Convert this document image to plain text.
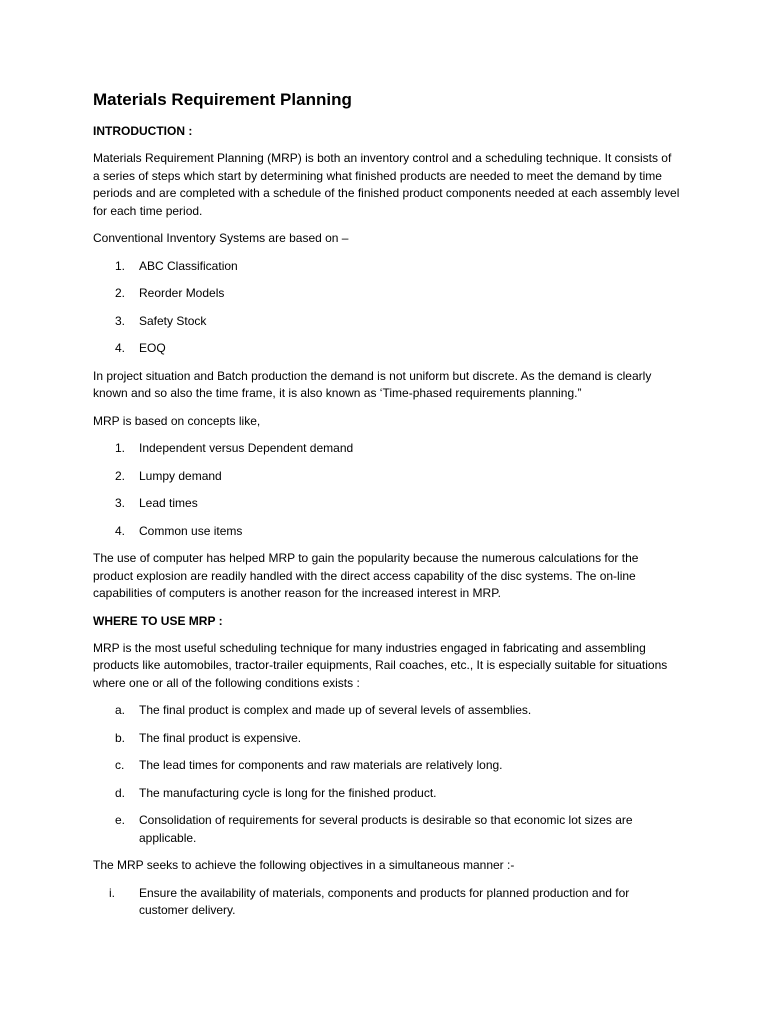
Materials Requirement Planning
INTRODUCTION :

Materials Requirement Planning (MRP) is both an inventory control and a scheduling technique. It consists of a series of steps which start by determining what finished products are needed to meet the demand by time periods and are completed with a schedule of the finished product components needed at each assembly level for each time period.

Conventional Inventory Systems are based on –

1.	ABC Classification
2.	Reorder Models
3.	Safety Stock
4.	EOQ

In project situation and Batch production the demand is not uniform but discrete. As the demand is clearly known and so also the time frame, it is also known as ‘Time-phased requirements planning.”

MRP is based on concepts like,

1.	Independent versus Dependent demand
2.	Lumpy demand
3.	Lead times
4.	Common use items

The use of computer has helped MRP to gain the popularity because the numerous calculations for the product explosion are readily handled with the direct access capability of the disc systems. The on-line capabilities of computers is another reason for the increased interest in MRP.

WHERE TO USE MRP :

MRP is the most useful scheduling technique for many industries engaged in fabricating and assembling products like automobiles, tractor-trailer equipments, Rail coaches, etc., It is especially suitable for situations where one or all of the following conditions exists :

a.	The final product is complex and made up of several levels of assemblies.
b.	The final product is expensive.
c.	The lead times for components and raw materials are relatively long.
d.	The manufacturing cycle is long for the finished product.
e.	Consolidation of requirements for several products is desirable so that economic lot sizes are applicable.

The MRP seeks to achieve the following objectives in a simultaneous manner :-

i.	Ensure the availability of materials, components and products for planned production and for customer delivery.
